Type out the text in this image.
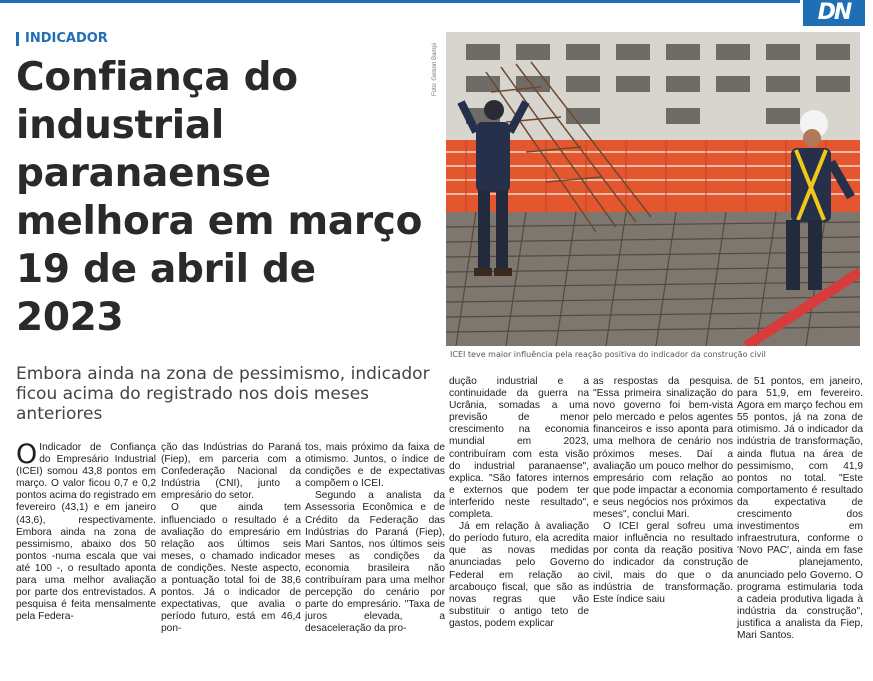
DN
INDICADOR
Confiança do industrial paranaense melhora em março 19 de abril de 2023
Embora ainda na zona de pessimismo, indicador ficou acima do registrado nos dois meses anteriores
Foto: Gelson Bampi
ICEI teve maior influência pela reação positiva do indicador da construção civil

O Indicador de Confiança do Empresário Industrial (ICEI) somou 43,8 pontos em março. O valor ficou 0,7 e 0,2 pontos acima do registrado em fevereiro (43,1) e em janeiro (43,6), respectivamente. Embora ainda na zona de pessimismo, abaixo dos 50 pontos -numa escala que vai até 100 -, o resultado aponta para uma melhor avaliação por parte dos entrevistados. A pesquisa é feita mensalmente pela Federa-

ção das Indústrias do Paraná (Fiep), em parceria com a Confederação Nacional da Indústria (CNI), junto a empresário do setor.

O que ainda tem influenciado o resultado é a avaliação do empresário em relação aos últimos seis meses, o chamado indicador de condições. Neste aspecto, a pontuação total foi de 38,6 pontos. Já o indicador de expectativas, que avalia o período futuro, está em 46,4 pon-

tos, mais próximo da faixa de otimismo. Juntos, o índice de condições e de expectativas compõem o ICEI.

Segundo a analista da Assessoria Econômica e de Crédito da Federação das Indústrias do Paraná (Fiep), Mari Santos, nos últimos seis meses as condições da economia brasileira não contribuíram para uma melhor percepção do cenário por parte do empresário. "Taxa de juros elevada, a desaceleração da pro-

dução industrial e a continuidade da guerra na Ucrânia, somadas a uma previsão de menor crescimento na economia mundial em 2023, contribuíram com esta visão do industrial paranaense", explica. "São fatores internos e externos que podem ter interferido neste resultado", completa.

Já em relação à avaliação do período futuro, ela acredita que as novas medidas anunciadas pelo Governo Federal em relação ao arcabouço fiscal, que são as novas regras que vão substituir o antigo teto de gastos, podem explicar

as respostas da pesquisa. "Essa primeira sinalização do novo governo foi bem-vista pelo mercado e pelos agentes financeiros e isso aponta para uma melhora de cenário nos próximos meses. Daí a avaliação um pouco melhor do empresário com relação ao que pode impactar a economia e seus negócios nos próximos meses", conclui Mari.

O ICEI geral sofreu uma maior influência no resultado por conta da reação positiva do indicador da construção civil, mais do que o da indústria de transformação. Este índice saiu

de 51 pontos, em janeiro, para 51,9, em fevereiro. Agora em março fechou em 55 pontos, já na zona de otimismo. Já o indicador da indústria de transformação, ainda flutua na área de pessimismo, com 41,9 pontos no total. "Este comportamento é resultado da expectativa de crescimento dos investimentos em infraestrutura, conforme o 'Novo PAC', ainda em fase de planejamento, anunciado pelo Governo. O programa estimularia toda a cadeia produtiva ligada à indústria da construção", justifica a analista da Fiep, Mari Santos.
